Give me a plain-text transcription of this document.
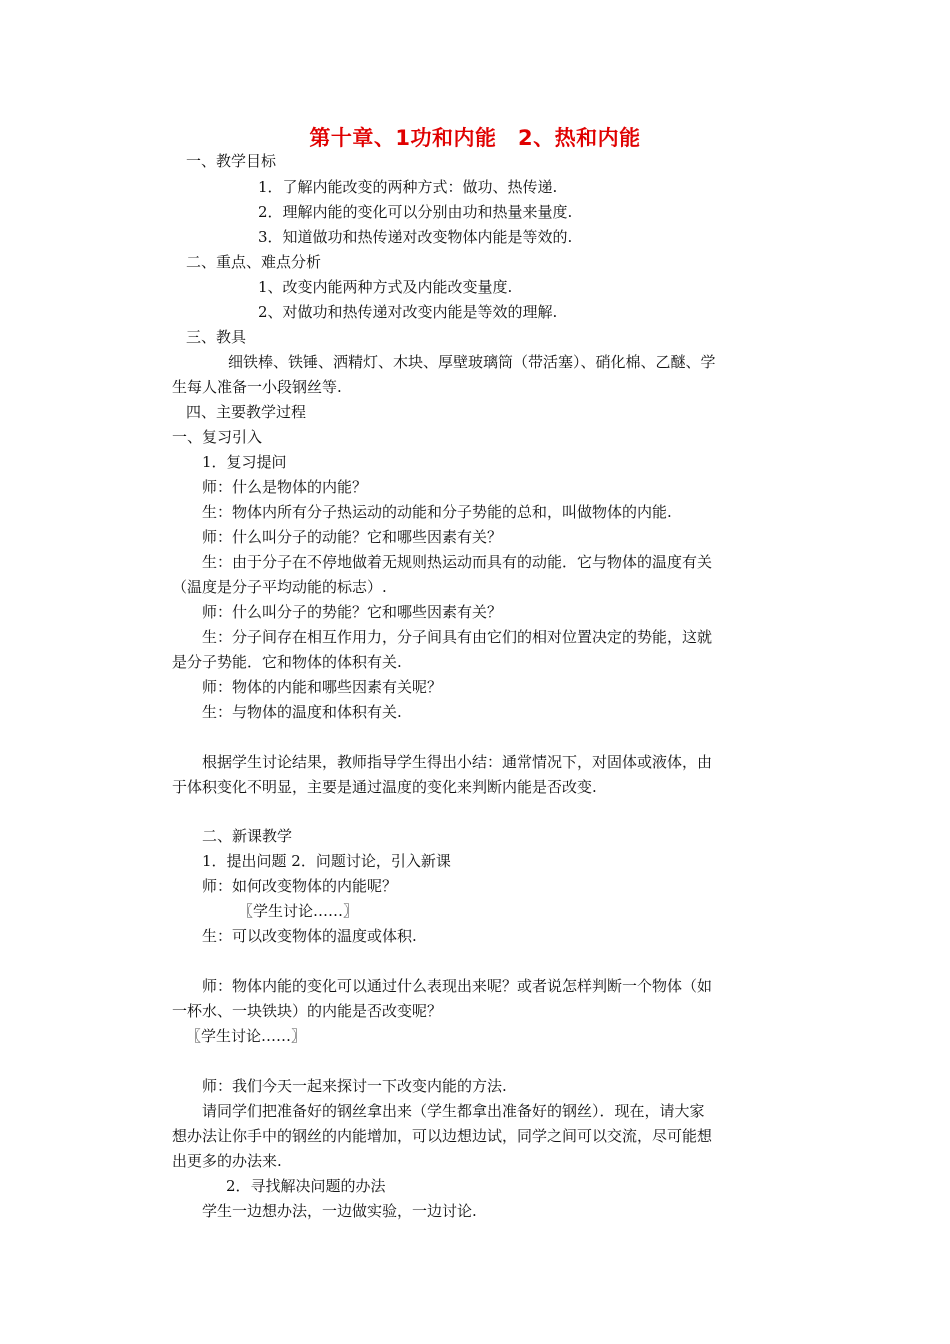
第十章、1功和内能　2、热和内能
一、教学目标
1．了解内能改变的两种方式：做功、热传递.
2．理解内能的变化可以分别由功和热量来量度.
3．知道做功和热传递对改变物体内能是等效的.
二、重点、难点分析
1、改变内能两种方式及内能改变量度.
2、对做功和热传递对改变内能是等效的理解.
三、教具
细铁棒、铁锤、洒精灯、木块、厚壁玻璃筒（带活塞）、硝化棉、乙醚、学
生每人准备一小段钢丝等.
四、主要教学过程
一、复习引入
1．复习提问
师：什么是物体的内能？
生：物体内所有分子热运动的动能和分子势能的总和，叫做物体的内能.
师：什么叫分子的动能？它和哪些因素有关？
生：由于分子在不停地做着无规则热运动而具有的动能．它与物体的温度有关
（温度是分子平均动能的标志）.
师：什么叫分子的势能？它和哪些因素有关？
生：分子间存在相互作用力，分子间具有由它们的相对位置决定的势能，这就
是分子势能．它和物体的体积有关.
师：物体的内能和哪些因素有关呢？
生：与物体的温度和体积有关.
根据学生讨论结果，教师指导学生得出小结：通常情况下，对固体或液体，由
于体积变化不明显，主要是通过温度的变化来判断内能是否改变.
二、新课教学
1．提出问题 2．问题讨论，引入新课
师：如何改变物体的内能呢？
〖学生讨论……〗
生：可以改变物体的温度或体积.
师：物体内能的变化可以通过什么表现出来呢？或者说怎样判断一个物体（如
一杯水、一块铁块）的内能是否改变呢？
〖学生讨论……〗
师：我们今天一起来探讨一下改变内能的方法.
请同学们把准备好的钢丝拿出来（学生都拿出准备好的钢丝）．现在，请大家
想办法让你手中的钢丝的内能增加，可以边想边试，同学之间可以交流，尽可能想
出更多的办法来.
2．寻找解决问题的办法
学生一边想办法，一边做实验，一边讨论.
